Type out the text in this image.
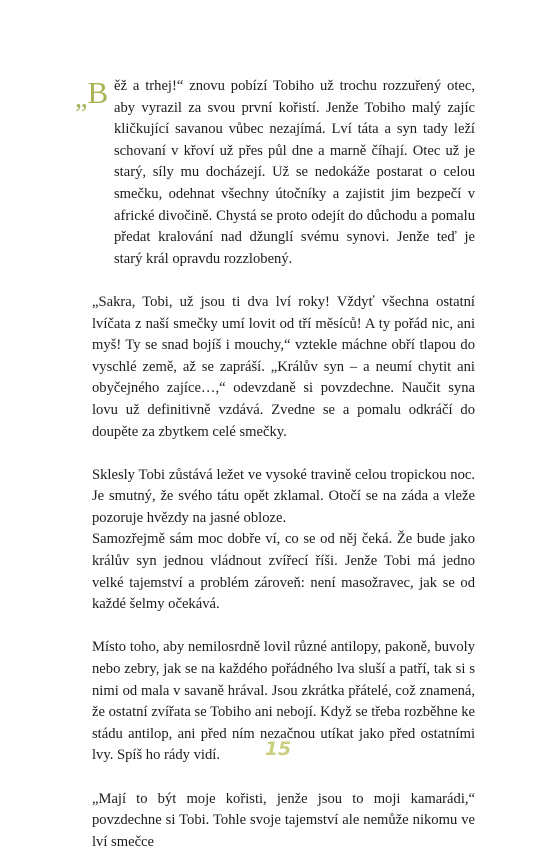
„B ěž a trhej!“ znovu pobízí Tobiho už trochu rozzuřený otec, aby vyrazil za svou první kořistí. Jenže Tobiho malý zajíc kličkující savanou vůbec nezajímá. Lví táta a syn tady leží schovaní v křoví už přes půl dne a marně číhají. Otec už je starý, síly mu docházejí. Už se nedokáže postarat o celou smečku, odehnat všechny útočníky a zajistit jim bezpečí v africké divočině. Chystá se proto odejít do důchodu a pomalu předat kralování nad džunglí svému synovi. Jenže teď je starý král opravdu rozzlobený.

„Sakra, Tobi, už jsou ti dva lví roky! Vždyť všechna ostatní lvíčata z naší smečky umí lovit od tří měsíců! A ty pořád nic, ani myš! Ty se snad bojíš i mouchy,“ vztekle máchne obří tlapou do vyschlé země, až se zapráší. „Králův syn – a neumí chytit ani obyčejného zajíce…,“ odevzdaně si povzdechne. Naučit syna lovu už definitivně vzdává. Zvedne se a pomalu odkráčí do doupěte za zbytkem celé smečky.

Sklesly Tobi zůstává ležet ve vysoké travině celou tropickou noc. Je smutný, že svého tátu opět zklamal. Otočí se na záda a vleže pozoruje hvězdy na jasné obloze.

Samozřejmě sám moc dobře ví, co se od něj čeká. Že bude jako králův syn jednou vládnout zvířecí říši. Jenže Tobi má jedno velké tajemství a problém zároveň: není masožravec, jak se od každé šelmy očekává.

Místo toho, aby nemilosrdně lovil různé antilopy, pakoně, buvoly nebo zebry, jak se na každého pořádného lva sluší a patří, tak si s nimi od mala v savaně hrával. Jsou zkrátka přátelé, což znamená, že ostatní zvířata se Tobiho ani nebojí. Když se třeba rozběhne ke stádu antilop, ani před ním nezačnou utíkat jako před ostatními lvy. Spíš ho rády vidí.

„Mají to být moje kořisti, jenže jsou to moji kamarádi,“ povzdechne si Tobi. Tohle svoje tajemství ale nemůže nikomu ve lví smečce

15
